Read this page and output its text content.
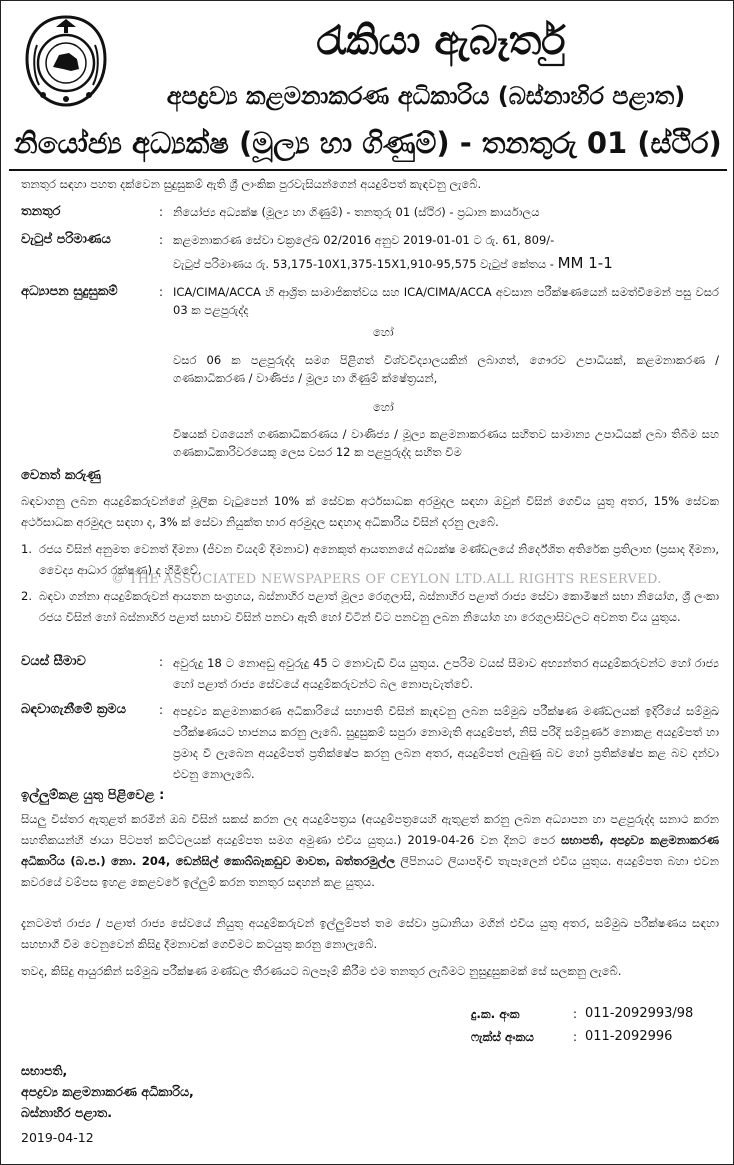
රැකියා ඇබෑර්තු
අපද්‍රව්‍ය කළමනාකරණ අධිකාරිය (බස්නාහිර පළාත)
නියෝජ්‍ය අධ්‍යක්ෂ (මූල්‍ය හා ගිණුම්) - තනතුරු 01 (ස්ථිර)
තනතුර සඳහා පහත දක්වෙන සුදුසුකම් ඇති ශ්‍රී ලාංකික පුරවැසියන්ගෙන් අයදුම්පත් කැඳවනු ලැබේ.
තනතුර	: නියෝජ්‍ය අධ්‍යක්ෂ (මූල්‍ය හා ගිණුම්) - තනතුරු 01 (ස්ථිර) - ප්‍රධාන කාර්යාලය
වැටුප් පරිමාණය	: කළමනාකරණ සේවා චක්‍රලේඛ 02/2016 අනුව 2019-01-01 ට රු. 61, 809/-
වැටුප් පරිමාණය රු. 53,175-10X1,375-15X1,910-95,575 වැටුප් කේතය - MM 1-1
අධ්‍යාපන සුදුසුකම්	: ICA/CIMA/ACCA හි ආශ්‍රිත සාමාජිකත්වය සහ ICA/CIMA/ACCA අවසාන පරීක්ෂණයෙන් සමත්වීමෙන් පසු වසර 03 ක පළපුරුද්ද
හෝ
වසර 06 ක පළපුරුද්ද සමග පිළිගත් විශ්වවිද්‍යාලයකින් ලබාගත්, ගෞරව උපාධියක්, කළමනාකරණ / ගණකාධිකරණ / වාණිජ්‍ය / මූල්‍ය හා ගිණුම් ක්ෂේත්‍රයන්,
හෝ
විෂයක් වශයෙන් ගණකාධිකරණය / වාණිජ්‍ය / මූල්‍ය කළමනාකරණය සහිතව සාමාන්‍ය උපාධියක් ලබා තිබීම සහ ගණකාධිකාරිවරයෙකු ලෙස වසර 12 ක පළපුරුද්ද සහිත විම
වෙනත් කරුණු
බඳවාගනු ලබන අයදුම්කරුවන්ගේ මූලික වැටුපෙන් 10% ක් සේවක අර්ථසාධක අරමුදල සඳහා ඔවුන් විසින් ගෙවිය යුතු අතර, 15% සේවක අර්ථසාධක අරමුදල සඳහා ද, 3% ක් සේවා නියුක්ත භාර අරමුදල සඳහාද අධිකාරිය විසින් දරනු ලැබේ.
1. රජය විසින් අනුමත වෙනත් දීමනා (ජීවන වියදම් දීමනාව) අනෙකුත් ආයතනයේ අධ්‍යක්ෂ මණ්ඩලයේ නිර්දේශිත අතිරේක ප්‍රතිලාභ (ප්‍රසාද දීමනා, වෛද්‍ය ආධාර රක්ෂණ) ද හිමිවේ.
2. බඳවා ගන්නා අයදුම්කරුවන් ආයතන සංග්‍රහය, බස්නාහිර පළාත් මූල්‍ය රෙගුලාසි, බස්නාහිර පළාත් රාජ්‍ය සේවා කොමිෂන් සභා නියෝග, ශ්‍රී ලංකා රජය විසින් හෝ බස්නාහිර පළාත් සභාව විසින් පනවා ඇති හෝ විටින් විට පනවනු ලබන නියෝග හා රෙගුලාසිවලට අවනත විය යුතුය.
© THE ASSOCIATED NEWSPAPERS OF CEYLON LTD.ALL RIGHTS RESERVED.
වයස් සීමාව	: අවුරුදු 18 ට නොඅඩු අවුරුදු 45 ට නොවැඩි විය යුතුය. උපරිම වයස් සීමාව අභ්‍යන්තර අයදුම්කරුවන්ට හෝ රාජ්‍ය හෝ පළාත් රාජ්‍ය සේවයේ අයදුම්කරුවන්ට බල නොපැවැත්වේ.
බඳවාගැනීමේ ක්‍රමය	: අපද්‍රව්‍ය කළමනාකරණ අධිකාරියේ සභාපති විසින් කැඳවනු ලබන සම්මුඛ පරීක්ෂණ මණ්ඩලයක් ඉදිරියේ සම්මුඛ පරීක්ෂණයට භාජනය කරනු ලැබේ. සුදුසුකම් සපුරා නොමැති අයදුම්පත්, නිසි පරිදි සම්පූර්ණ නොකළ අයදුම්පත් හා ප්‍රමාද වී ලැබෙන අයදුම්පත් ප්‍රතික්ෂේප කරනු ලබන අතර, අයදුම්පත් ලැබුණු බව හෝ ප්‍රතික්ෂේප කළ බව දන්වා එවනු නොලැබේ.
ඉල්ලුම්කළ යුතු පිළිවෙළ :
සියලු විස්තර ඇතුළත් කරමින් ඔබ විසින් සකස් කරන ලද අයදුම්පත්‍රය (අයදුම්පත්‍රයෙහි ඇතුළත් කරනු ලබන අධ්‍යාපන හා පළපුරුද්ද සනාථ කරන සහතිකයන්හි ඡායා පිටපත් කට්ටලයක් අයදුම්පත සමග අමුණා එවිය යුතුය.) 2019-04-26 වන දිනට පෙර සභාපති, අපද්‍රව්‍ය කළමනාකරණ අධිකාරිය (බ.ප.) නො. 204, ඩෙන්සිල් කොබ්බෑකඩුව මාවත, බත්තරමුල්ල ලිපිනයට ලියාපදිංචි තැපෑලෙන් එවිය යුතුය. අයදුම්පත බහා එවන කවරයේ වම්පස ඉහළ කෙළවරේ ඉල්ලුම් කරන තනතුර සඳහන් කළ යුතුය.
දැනටමත් රාජ්‍ය / පළාත් රාජ්‍ය සේවයේ නියුතු අයදුම්කරුවන් ඉල්ලුම්පත් තම සේවා ප්‍රධානියා මගින් එවිය යුතු අතර, සම්මුඛ පරීක්ෂණය සඳහා සහභාගී වීම වෙනුවෙන් කිසිදු දීමනාවක් ගෙවීමට කටයුතු කරනු නොලැබේ.
තවද, කිසිදු ආයුරකින් සම්මුඛ පරීක්ෂණ මණ්ඩල තීරණයට බලපෑම් කිරීම එම තනතුර ලැබීමට නුසුදුසුකමක් සේ සලකනු ලැබේ.
දු.ක. අංක	: 011-2092993/98
ෆැක්ස් අංකය	: 011-2092996
සභාපති,
අපද්‍රව්‍ය කළමනාකරණ අධිකාරිය,
බස්නාහිර පළාත.
2019-04-12
